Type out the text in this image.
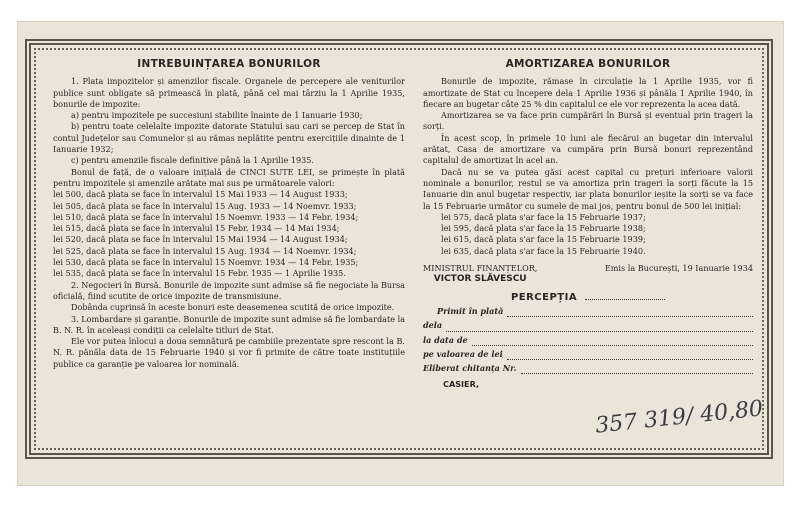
INTREBUINȚAREA BONURILOR

1. Plata impozitelor și amenzilor fiscale. Organele de percepere ale veniturilor publice sunt obligate să primească în plată, până cel mai târziu la 1 Aprilie 1935, bonurile de impozite:

a) pentru impozitele pe succesiuni stabilite înainte de 1 Ianuarie 1930;

b) pentru toate celelalte impozite datorate Statului sau cari se percep de Stat în contul Județelor sau Comunelor și au rămas neplătite pentru exercițiile dinainte de 1 Ianuarie 1932;

c) pentru amenzile fiscale definitive până la 1 Aprilie 1935.

Bonul de față, de o valoare inițială de CINCI SUTE LEI, se primește în plată pentru impozitele și amenzile arătate mai sus pe următoarele valori:

lei 500, dacă plata se face în intervalul 15 Mai 1933 — 14 August 1933;
lei 505, dacă plata se face în intervalul 15 Aug. 1933 — 14 Noemvr. 1933;
lei 510, dacă plata se face în intervalul 15 Noemvr. 1933 — 14 Febr. 1934;
lei 515, dacă plata se face în intervalul 15 Febr. 1934 — 14 Mai 1934;
lei 520, dacă plata se face în intervalul 15 Mai 1934 — 14 August 1934;
lei 525, dacă plata se face în intervalul 15 Aug. 1934 — 14 Noemvr. 1934;
lei 530, dacă plata se face în intervalul 15 Noemvr. 1934 — 14 Febr. 1935;
lei 535, dacă plata se face în intervalul 15 Febr. 1935 — 1 Aprilie 1935.

2. Negocieri în Bursă. Bonurile de impozite sunt admise să fie negociate la Bursa oficială, fiind scutite de orice impozite de transmisiune.

Dobânda cuprinsă în aceste bonuri este deasemenea scutită de orice impozite.

3. Lombardare și garanție. Bonurile de impozite sunt admise să fie lombardate la B. N. R. în aceleași condiții ca celelalte titluri de Stat.

Ele vor putea înlocui a doua semnătură pe cambiile prezentate spre rescont la B. N. R. pănăla data de 15 Februarie 1940 și vor fi primite de către toate instituțiile publice ca garanție pe valoarea lor nominală.

AMORTIZAREA BONURILOR

Bonurile de impozite, rămase în circulație la 1 Aprilie 1935, vor fi amortizate de Stat cu începere dela 1 Aprilie 1936 și pânăla 1 Aprilie 1940, în fiecare an bugetar câte 25 % din capitalul ce ele vor reprezenta la acea dată.

Amortizarea se va face prin cumpărări în Bursă și eventual prin trageri la sorți.

În acest scop, în primele 10 luni ale fiecărui an bugetar din intervalul arătat, Casa de amortizare va cumpăra prin Bursă bonuri reprezentând capitalul de amortizat în acel an.

Dacă nu se va putea găsi acest capital cu prețuri inferioare valorii nominale a bonurilor, restul se va amortiza prin trageri la sorți făcute la 15 Ianuarie din anul bugetar respectiv, iar plata bonurilor ieșite la sorți se va face la 15 Februarie următor cu sumele de mai jos, pentru bonul de 500 lei inițial:

lei 575, dacă plata s'ar face la 15 Februarie 1937;
lei 595, dacă plata s'ar face la 15 Februarie 1938;
lei 615, dacă plata s'ar face la 15 Februarie 1939;
lei 635, dacă plata s'ar face la 15 Februarie 1940.
MINISTRUL FINANȚELOR,
VICTOR SLĂVESCU
Emis la București, 19 Ianuarie 1934
PERCEPȚIA
Primit în plată
dela
la data de
pe valoarea de lei
Eliberat chitanța Nr.
CASIER,
357 319/ 40,80
